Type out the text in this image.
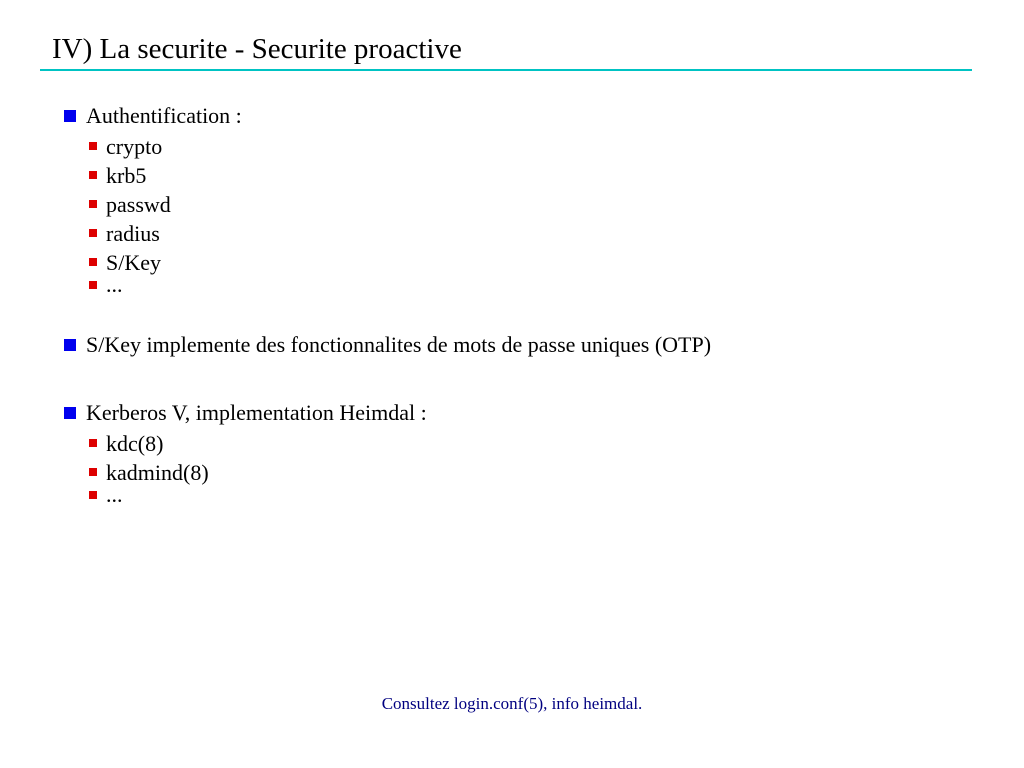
IV) La securite - Securite proactive
Authentification :
crypto
krb5
passwd
radius
S/Key
...
S/Key implemente des fonctionnalites de mots de passe uniques (OTP)
Kerberos V, implementation Heimdal :
kdc(8)
kadmind(8)
...
Consultez login.conf(5), info heimdal.
